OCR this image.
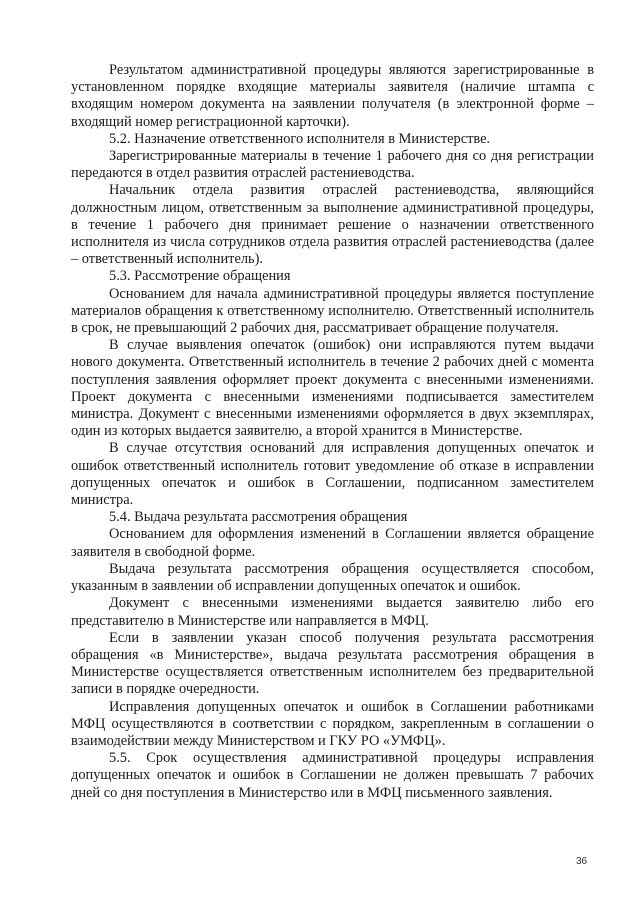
Результатом административной процедуры являются зарегистрированные в установленном порядке входящие материалы заявителя (наличие штампа с входящим номером документа на заявлении получателя (в электронной форме – входящий номер регистрационной карточки).

5.2. Назначение ответственного исполнителя в Министерстве.

Зарегистрированные материалы в течение 1 рабочего дня со дня регистрации передаются в отдел развития отраслей растениеводства.

Начальник отдела развития отраслей растениеводства, являющийся должностным лицом, ответственным за выполнение административной процедуры, в течение 1 рабочего дня принимает решение о назначении ответственного исполнителя из числа сотрудников отдела развития отраслей растениеводства (далее – ответственный исполнитель).

5.3. Рассмотрение обращения

Основанием для начала административной процедуры является поступление материалов обращения к ответственному исполнителю. Ответственный исполнитель в срок, не превышающий 2 рабочих дня, рассматривает обращение получателя.

В случае выявления опечаток (ошибок) они исправляются путем выдачи нового документа. Ответственный исполнитель в течение 2 рабочих дней с момента поступления заявления оформляет проект документа с внесенными изменениями. Проект документа с внесенными изменениями подписывается заместителем министра. Документ с внесенными изменениями оформляется в двух экземплярах, один из которых выдается заявителю, а второй хранится в Министерстве.

В случае отсутствия оснований для исправления допущенных опечаток и ошибок ответственный исполнитель готовит уведомление об отказе в исправлении допущенных опечаток и ошибок в Соглашении, подписанном заместителем министра.

5.4. Выдача результата рассмотрения обращения

Основанием для оформления изменений в Соглашении является обращение заявителя в свободной форме.

Выдача результата рассмотрения обращения осуществляется способом, указанным в заявлении об исправлении допущенных опечаток и ошибок.

Документ с внесенными изменениями выдается заявителю либо его представителю в Министерстве или направляется в МФЦ.

Если в заявлении указан способ получения результата рассмотрения обращения «в Министерстве», выдача результата рассмотрения обращения в Министерстве осуществляется ответственным исполнителем без предварительной записи в порядке очередности.

Исправления допущенных опечаток и ошибок в Соглашении работниками МФЦ осуществляются в соответствии с порядком, закрепленным в соглашении о взаимодействии между Министерством и ГКУ РО «УМФЦ».

5.5. Срок осуществления административной процедуры исправления допущенных опечаток и ошибок в Соглашении не должен превышать 7 рабочих дней со дня поступления в Министерство или в МФЦ письменного заявления.

36
